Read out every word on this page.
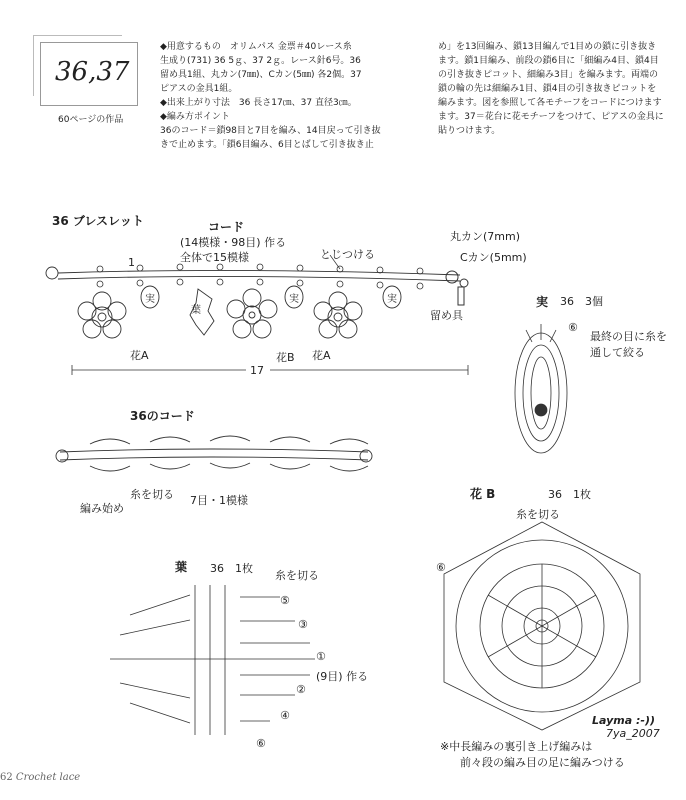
36,37
60ページの作品
◆用意するもの　オリムパス 金票＃40レース糸
生成り(731) 36 5ｇ、37 2ｇ。レース針6号。36
留め具1組、丸カン(7㎜)、Cカン(5㎜) 各2個。37
ピアスの金具1組。
◆出来上がり寸法　36 長さ17㎝、37 直径3㎝。
◆編み方ポイント
36のコード＝鎖98目と7目を編み、14目戻って引き抜
きで止めます。「鎖6目編み、6目とばして引き抜き止
め」を13回編み、鎖13目編んで1目めの鎖に引き抜き
ます。鎖1目編み、前段の鎖6目に「細編み4目、鎖4目
の引き抜きピコット、細編み3目」を編みます。両端の
鎖の輪の先は細編み1目、鎖4目の引き抜きピコットを
編みます。図を参照して各モチーフをコードにつけます
ます。37＝花台に花モチーフをつけて、ピアスの金具に
貼りつけます。
36 ブレスレット	コード
(14模様・98目) 作る
全体で15模様	とじつける
丸カン(7mm)
Cカン(5mm)
留め具
花A	花B 花A
1
17
葉
実	実	実
36のコード
編み始め
糸を切る 7目・1模様
実 36　3個
⑥
最終の目に糸を
通して絞る
葉 36　1枚
糸を切る
⑤
③
①
②
④
⑥
(9目) 作る
花 B	36　1枚
糸を切る
⑥
Layma :-))
7ya_2007
※中長編みの裏引き上げ編みは
前々段の編み目の足に編みつける
62 Crochet lace
